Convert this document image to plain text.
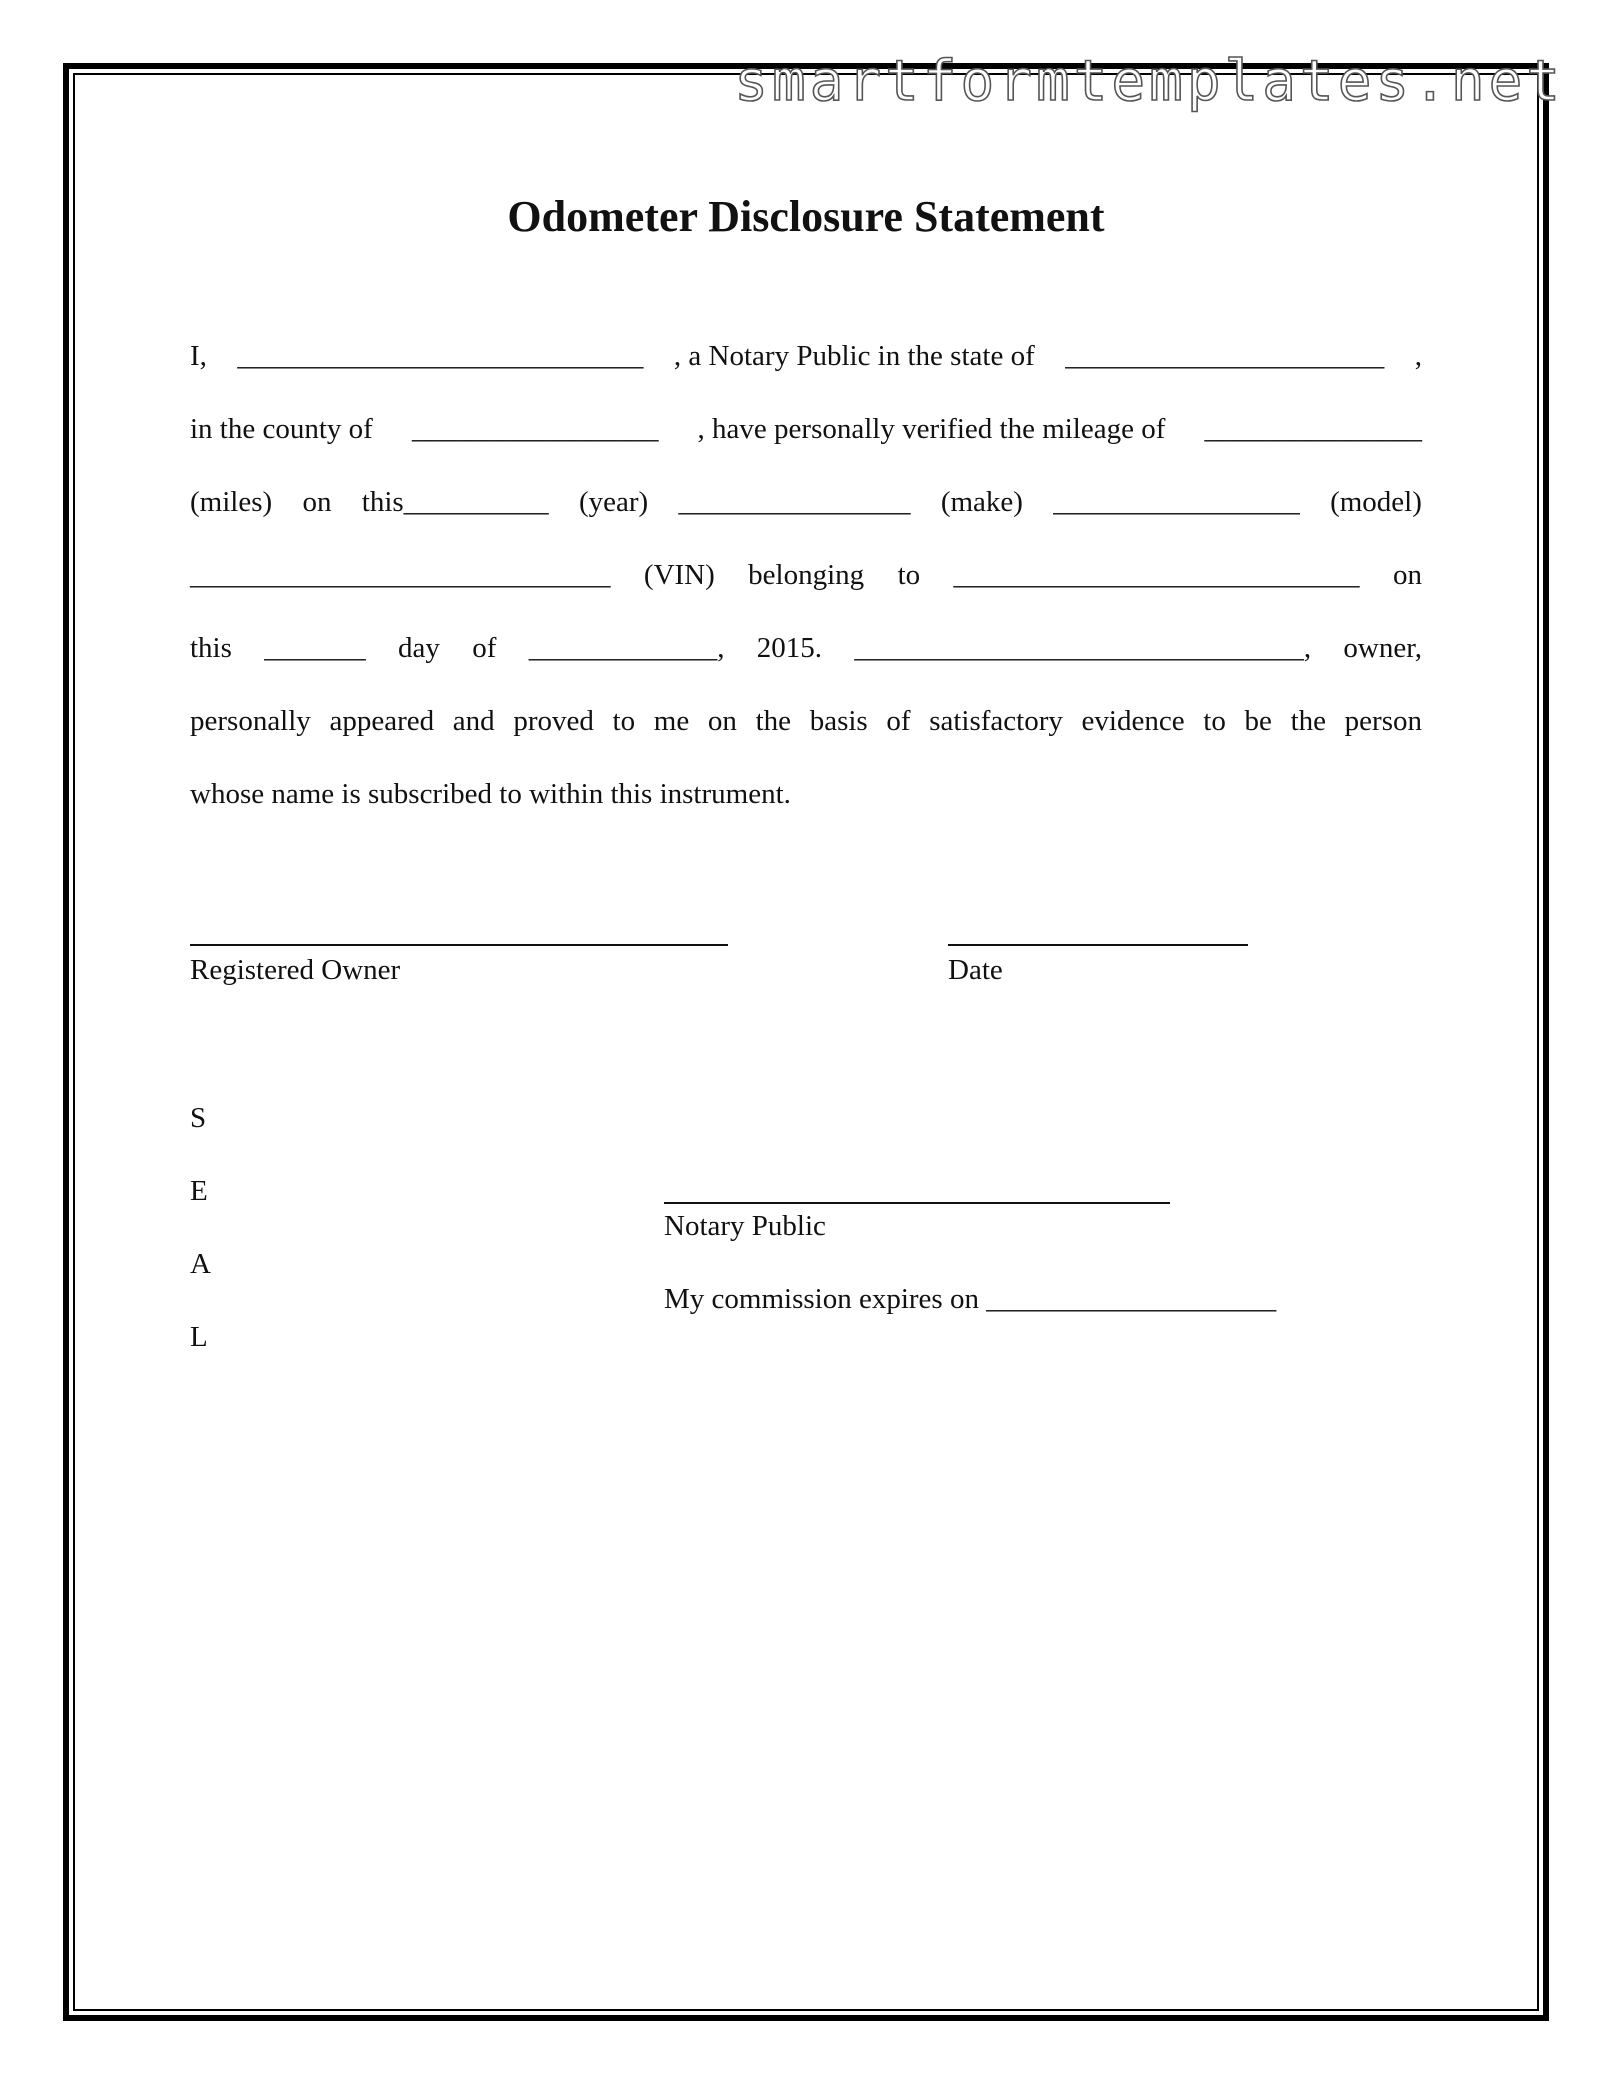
smartformtemplates.net
Odometer Disclosure Statement
I, ____________________________ , a Notary Public in the state of ______________________ ,
in the county of _________________ , have personally verified the mileage of _______________
(miles) on this__________ (year) ________________ (make) _________________ (model)
_____________________________ (VIN) belonging to ____________________________ on
this _______ day of _____________, 2015. _______________________________, owner,
personally appeared and proved to me on the basis of satisfactory evidence to be the person
whose name is subscribed to within this instrument.
Registered Owner	Date
S
E
A
L
Notary Public
My commission expires on ____________________
